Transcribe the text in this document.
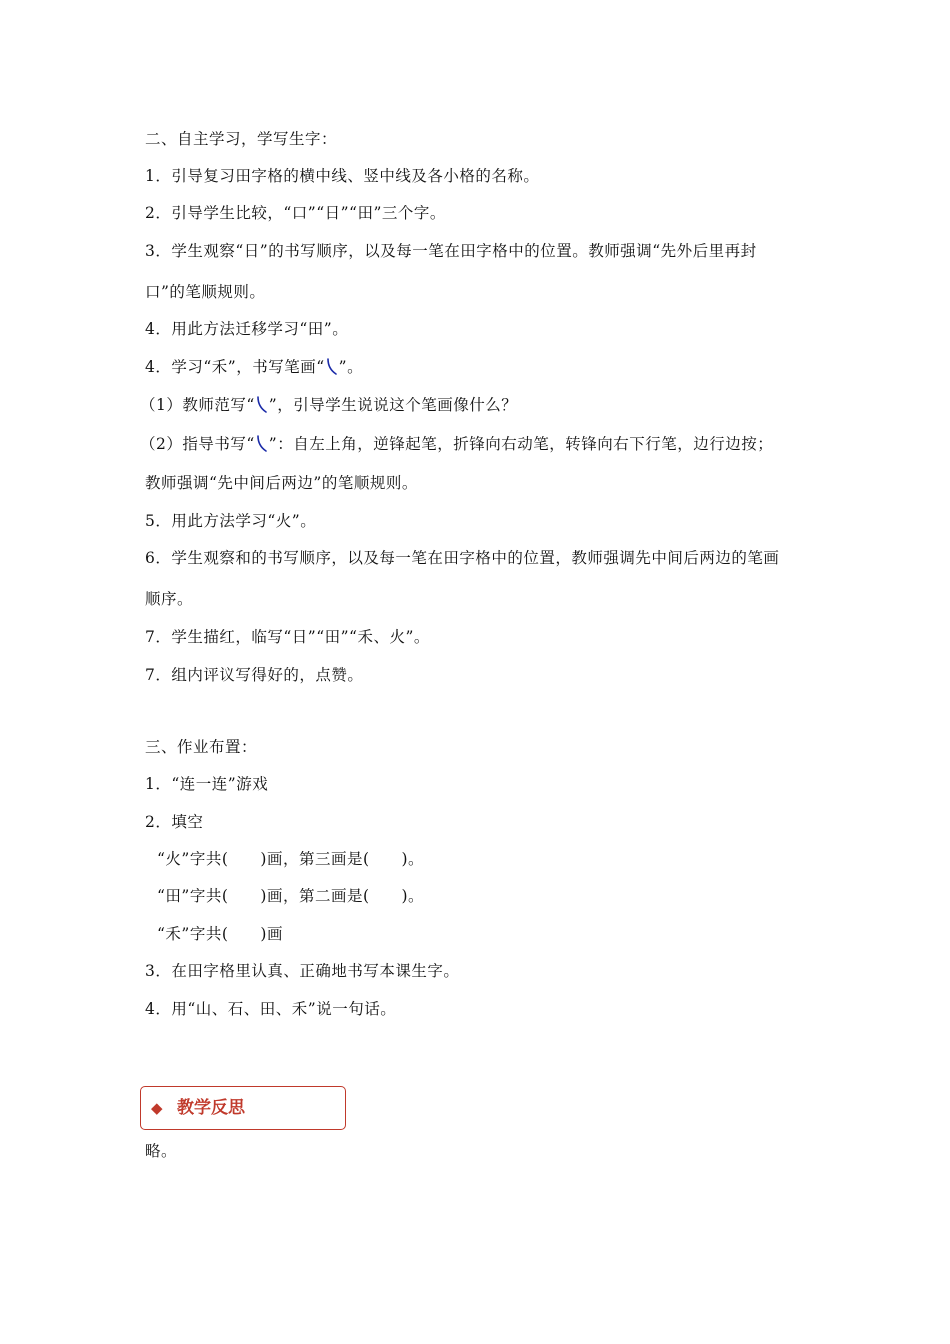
二、自主学习，学写生字：
1．引导复习田字格的横中线、竖中线及各小格的名称。
2．引导学生比较，“口”“日”“田”三个字。
3．学生观察“日”的书写顺序，以及每一笔在田字格中的位置。教师强调“先外后里再封
口”的笔顺规则。
4．用此方法迁移学习“田”。
4．学习“禾”，书写笔画“ ”。
（1）教师范写“ ”，引导学生说说这个笔画像什么？
（2）指导书写“ ”：自左上角，逆锋起笔，折锋向右动笔，转锋向右下行笔，边行边按；
教师强调“先中间后两边”的笔顺规则。
5．用此方法学习“火”。
6．学生观察和的书写顺序，以及每一笔在田字格中的位置，教师强调先中间后两边的笔画
顺序。
7．学生描红，临写“日”“田”“禾、火”。
7．组内评议写得好的，点赞。
三、作业布置：
1．“连一连”游戏
2．填空
“火”字共(　　)画，第三画是(　　)。
“田”字共(　　)画，第二画是(　　)。
“禾”字共(　　)画
3．在田字格里认真、正确地书写本课生字。
4．用“山、石、田、禾”说一句话。
◆ 教学反思
略。
